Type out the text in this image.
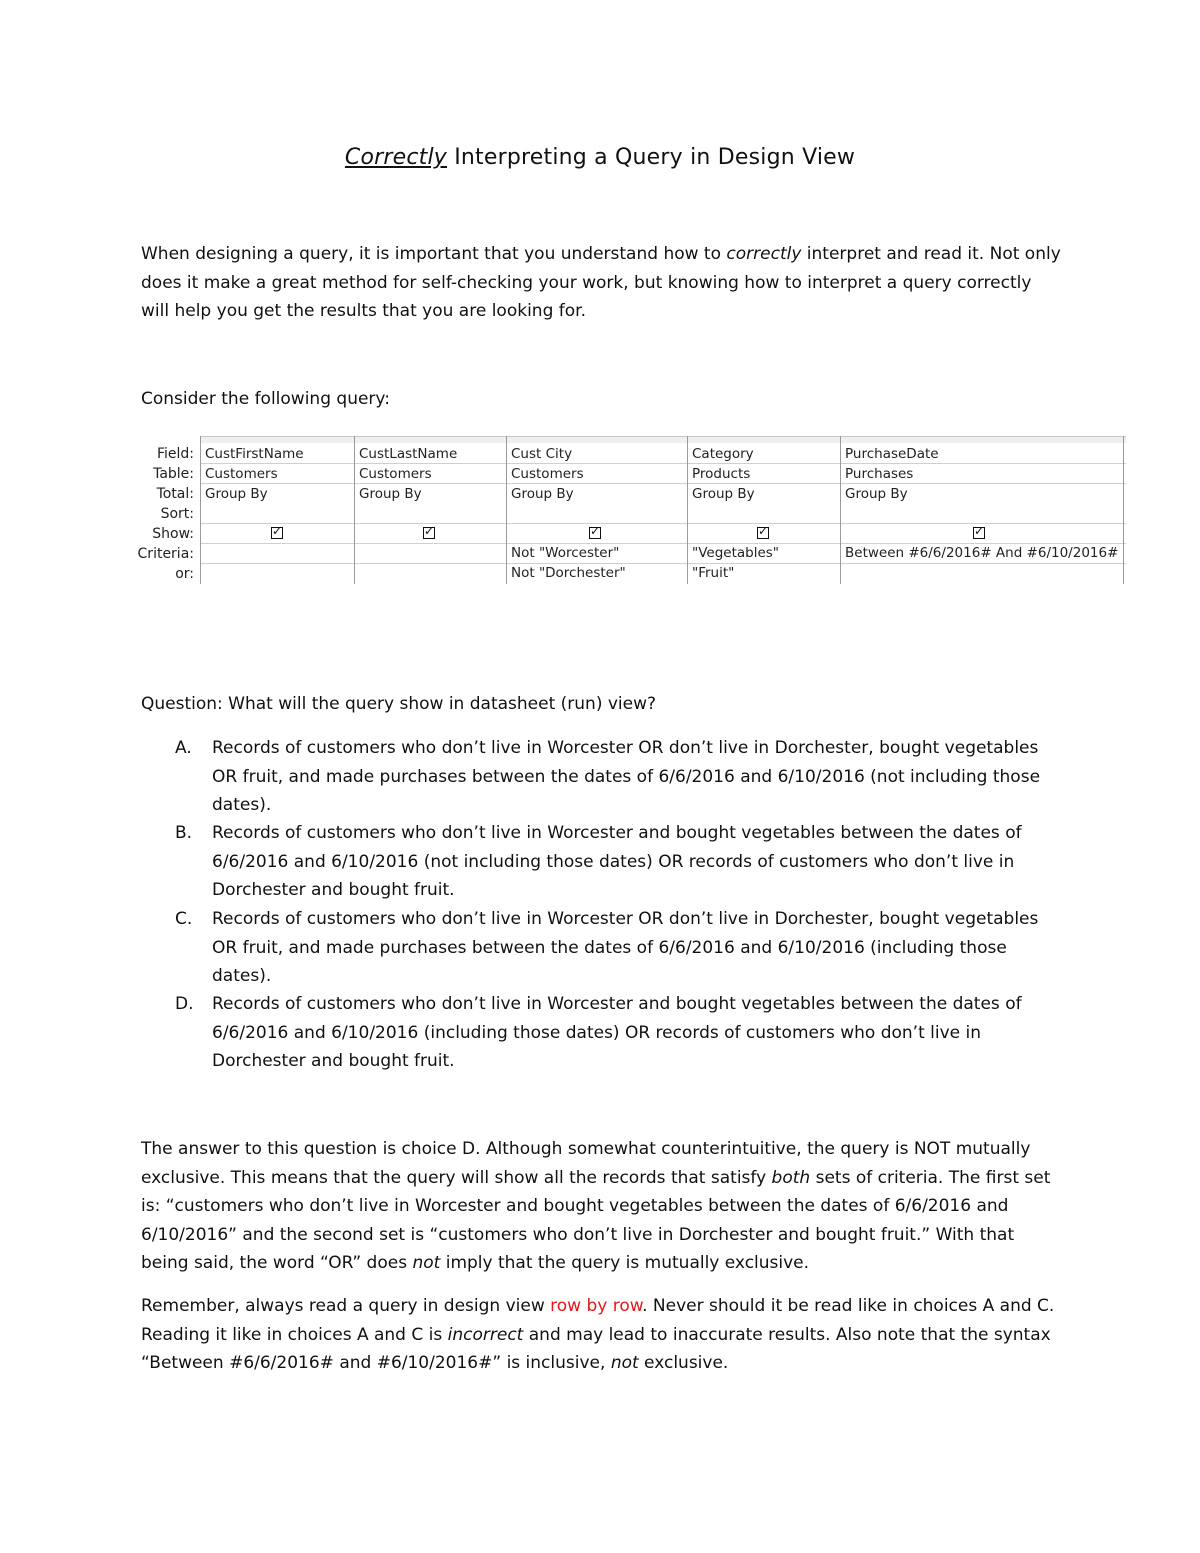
Correctly Interpreting a Query in Design View
When designing a query, it is important that you understand how to correctly interpret and read it. Not only does it make a great method for self-checking your work, but knowing how to interpret a query correctly will help you get the results that you are looking for.
Consider the following query:
Field:
Table:
Total:
Sort:
Show:
Criteria:
or:
CustFirstName
Customers
Group By
✓
CustLastName
Customers
Group By
✓
Cust City
Customers
Group By
✓
Not "Worcester"
Not "Dorchester"
Category
Products
Group By
✓
"Vegetables"
"Fruit"
PurchaseDate
Purchases
Group By
✓
Between #6/6/2016# And #6/10/2016#
Question: What will the query show in datasheet (run) view?
A. Records of customers who don’t live in Worcester OR don’t live in Dorchester, bought vegetables OR fruit, and made purchases between the dates of 6/6/2016 and 6/10/2016 (not including those dates).
B. Records of customers who don’t live in Worcester and bought vegetables between the dates of 6/6/2016 and 6/10/2016 (not including those dates) OR records of customers who don’t live in Dorchester and bought fruit.
C. Records of customers who don’t live in Worcester OR don’t live in Dorchester, bought vegetables OR fruit, and made purchases between the dates of 6/6/2016 and 6/10/2016 (including those dates).
D. Records of customers who don’t live in Worcester and bought vegetables between the dates of 6/6/2016 and 6/10/2016 (including those dates) OR records of customers who don’t live in Dorchester and bought fruit.
The answer to this question is choice D. Although somewhat counterintuitive, the query is NOT mutually exclusive. This means that the query will show all the records that satisfy both sets of criteria. The first set is: “customers who don’t live in Worcester and bought vegetables between the dates of 6/6/2016 and 6/10/2016” and the second set is “customers who don’t live in Dorchester and bought fruit.” With that being said, the word “OR” does not imply that the query is mutually exclusive.
Remember, always read a query in design view row by row. Never should it be read like in choices A and C. Reading it like in choices A and C is incorrect and may lead to inaccurate results. Also note that the syntax “Between #6/6/2016# and #6/10/2016#” is inclusive, not exclusive.
